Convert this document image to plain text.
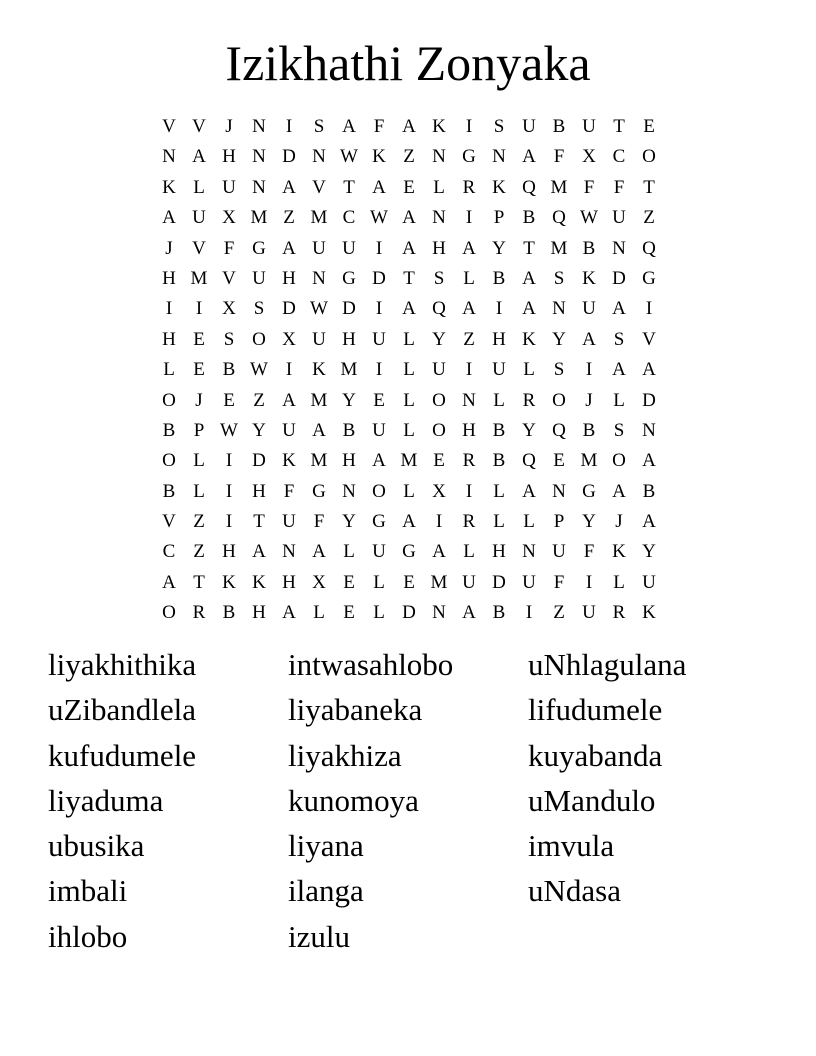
Izikhathi Zonyaka
V V	J	N	I	S A F A K	I	S U B U T E
N A H N D N W K Z N G N A F X C O
K L U N A V T A E L R K Q M F	F T
A U X M Z M C W A N	I	P B Q W U Z
J	V F G A U U	I	A H A Y T M B N Q
H M V U H N G D T S L B A S K D G
I	I	X S D W D	I	A Q A	I	A N U A	I
H E S O X U H U L Y Z H K Y A S V
L E B W I	K M I	L U	I	U L S	I	A A
O	J	E Z A M Y E L O N L R O	J	L D
B P W Y U A B U L O H B Y Q B S N
O L	I	D K M H A M E R B Q E M O A
B L	I	H F G N O L X	I	L A N G A B
V Z	I	T U F Y G A	I	R L L P Y	J	A
C Z H A N A L U G A L H N U F K Y
A T K K H X E L E M U D U F	I	L U
O R B H A L E L D N A B	I	Z U R K
liyakhithika	intwasahlobo	uNhlagulana
uZibandlela	liyabaneka	lifudumele
kufudumele	liyakhiza	kuyabanda
liyaduma	kunomoya	uMandulo
ubusika	liyana	imvula
imbali	ilanga	uNdasa
ihlobo	izulu
